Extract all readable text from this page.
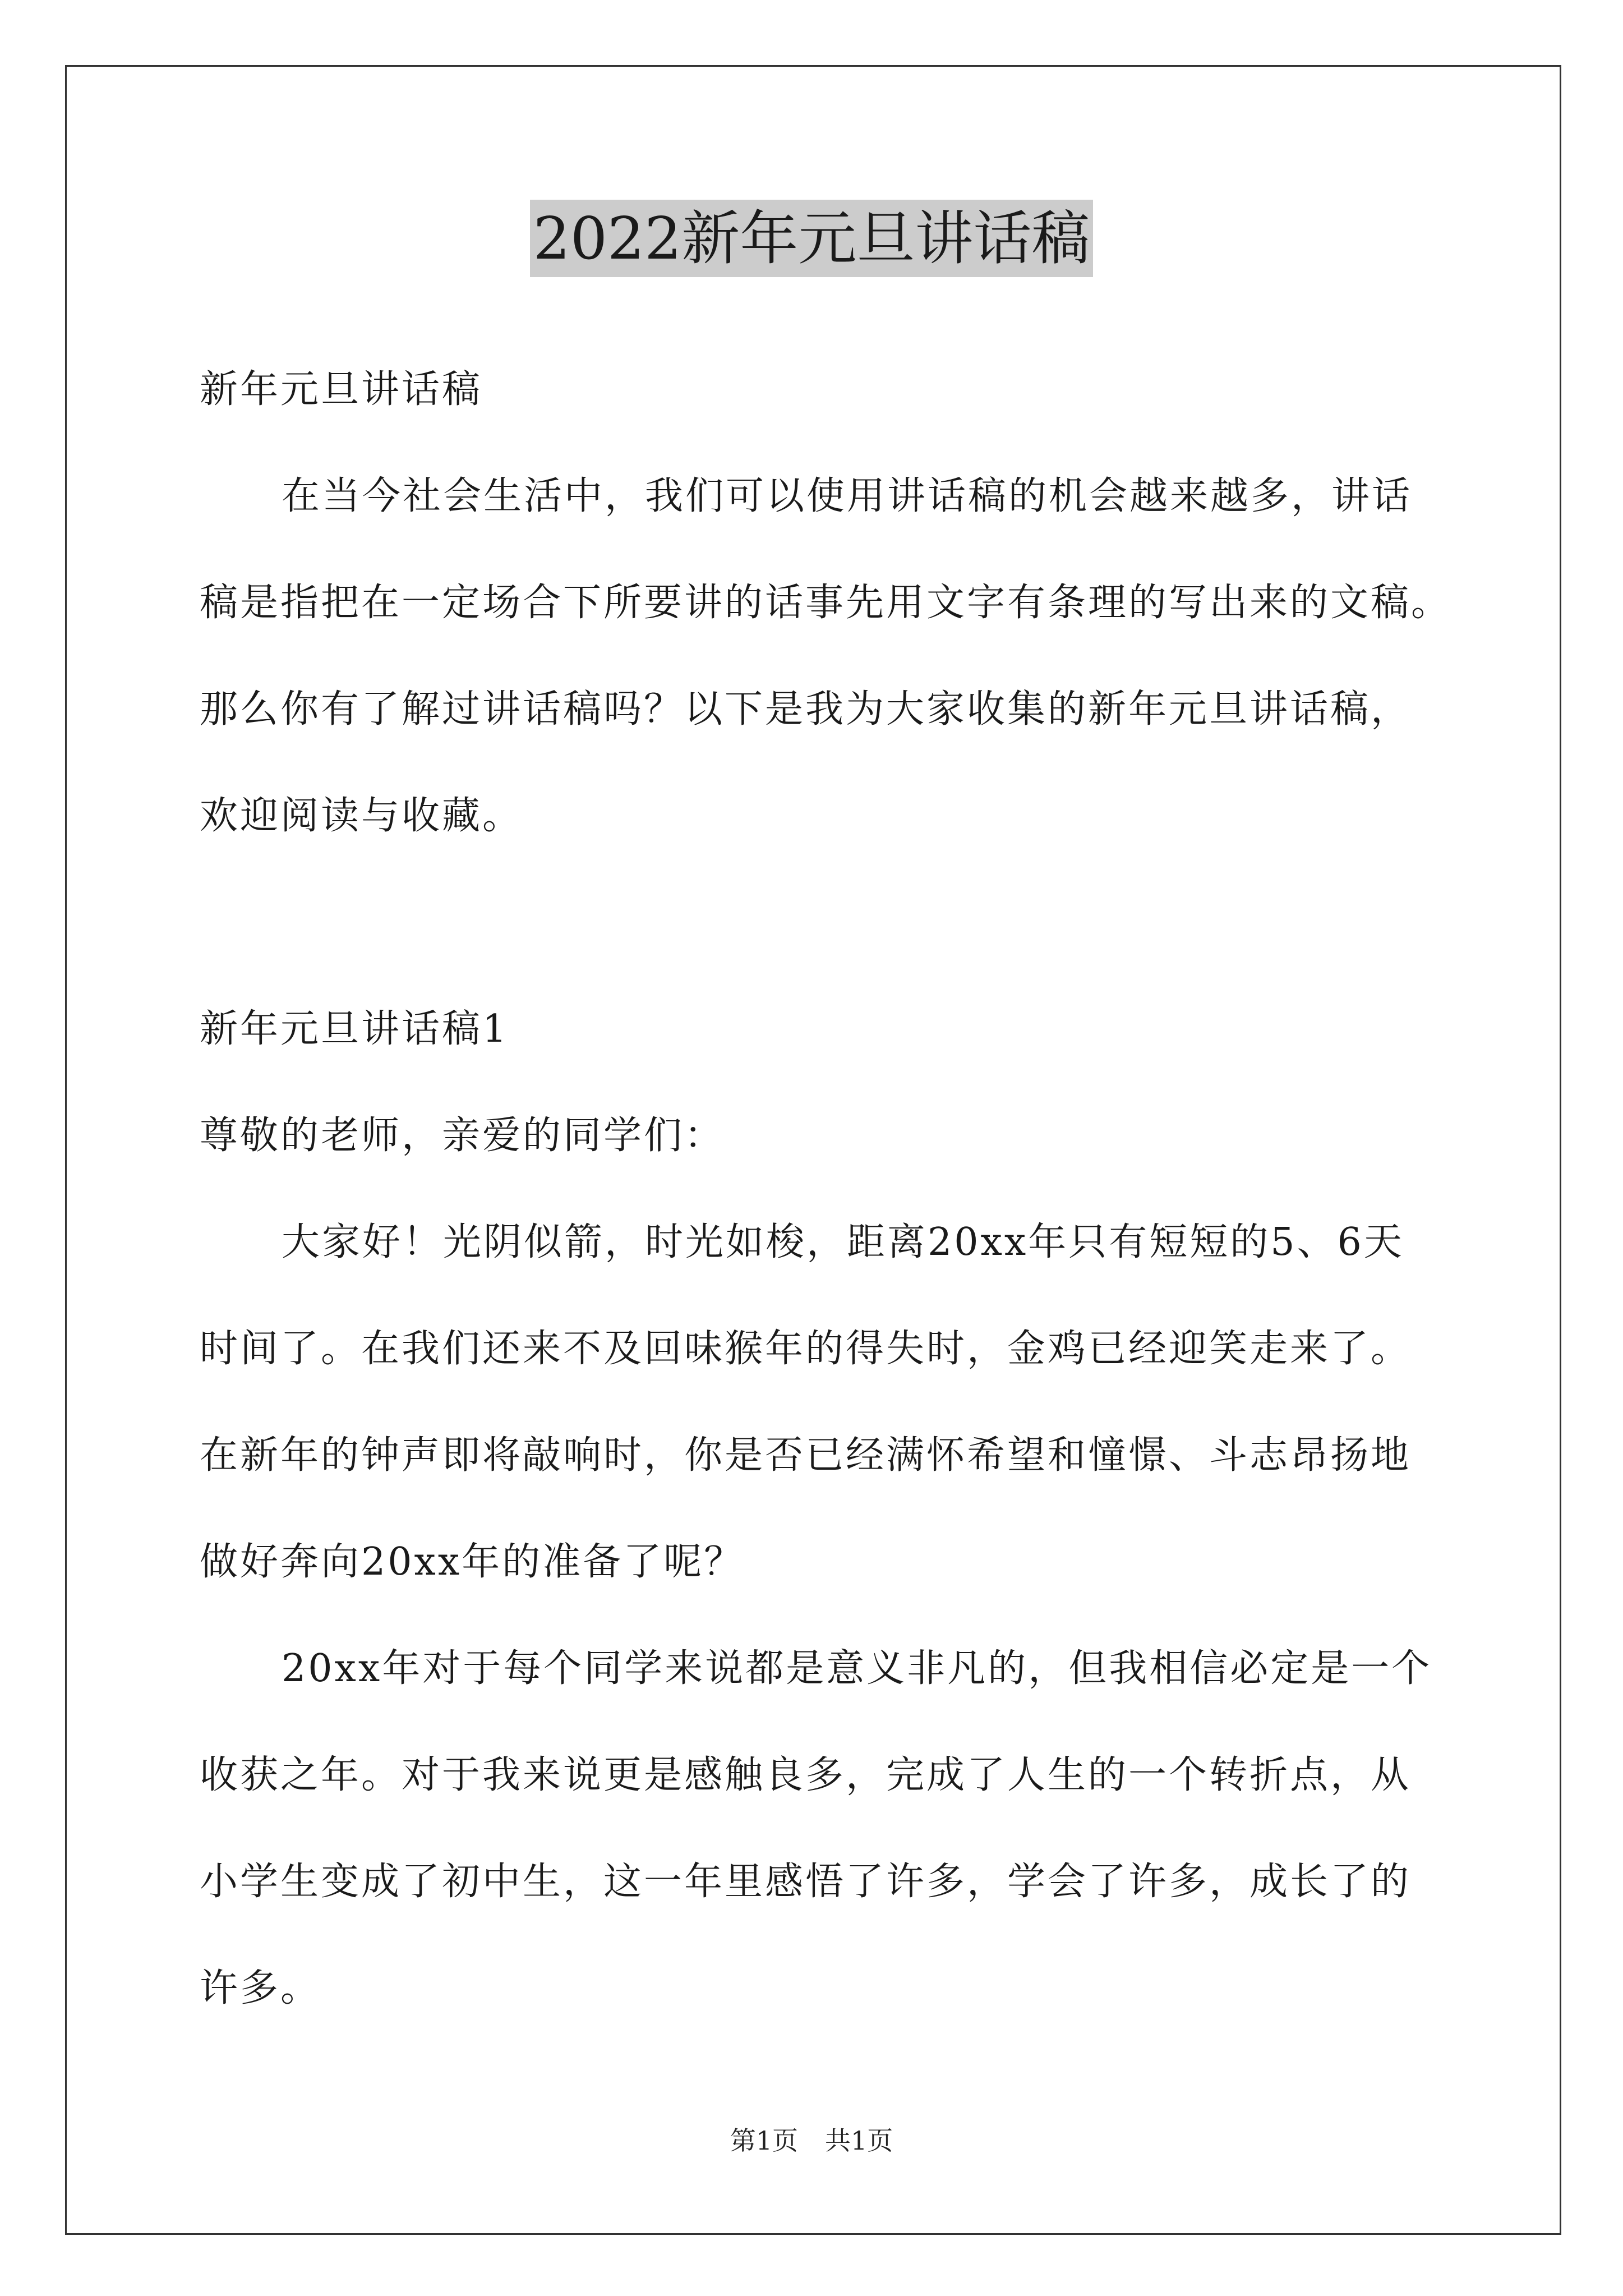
2022新年元旦讲话稿
新年元旦讲话稿
在当今社会生活中，我们可以使用讲话稿的机会越来越多，讲话
稿是指把在一定场合下所要讲的话事先用文字有条理的写出来的文稿。
那么你有了解过讲话稿吗？以下是我为大家收集的新年元旦讲话稿，
欢迎阅读与收藏。
新年元旦讲话稿1
尊敬的老师，亲爱的同学们：
大家好！光阴似箭，时光如梭，距离20xx年只有短短的5、6天
时间了。在我们还来不及回味猴年的得失时，金鸡已经迎笑走来了。
在新年的钟声即将敲响时，你是否已经满怀希望和憧憬、斗志昂扬地
做好奔向20xx年的准备了呢？
20xx年对于每个同学来说都是意义非凡的，但我相信必定是一个
收获之年。对于我来说更是感触良多，完成了人生的一个转折点，从
小学生变成了初中生，这一年里感悟了许多，学会了许多，成长了的
许多。
第1页 共1页
